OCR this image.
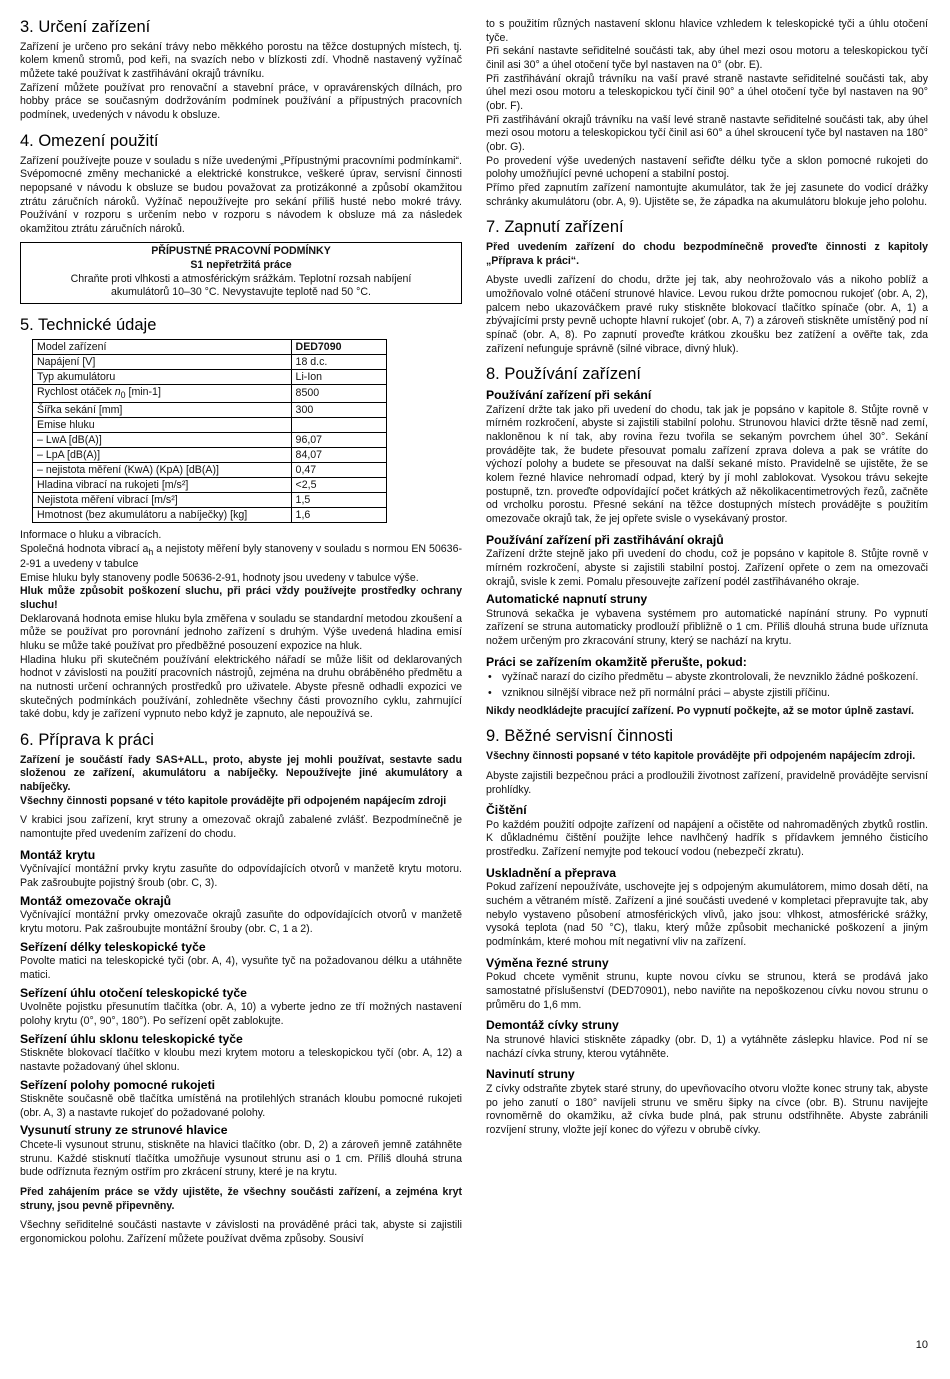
3. Určení zařízení

Zařízení je určeno pro sekání trávy nebo měkkého porostu na těžce dostupných místech, tj. kolem kmenů stromů, pod keři, na svazích nebo v blízkosti zdí. Vhodně nastavený vyžínač můžete také používat k zastřihávání okrajů trávníku.

Zařízení můžete používat pro renovační a stavební práce, v opravárenských dílnách, pro hobby práce se současným dodržováním podmínek používání a přípustných pracovních podmínek, uvedených v návodu k obsluze.

4. Omezení použití

Zařízení používejte pouze v souladu s níže uvedenými „Přípustnými pracovními podmínkami“. Svépomocné změny mechanické a elektrické konstrukce, veškeré úprav, servisní činnosti nepopsané v návodu k obsluze se budou považovat za protizákonné a způsobí okamžitou ztrátu záručních nároků. Vyžínač nepoužívejte pro sekání příliš husté nebo mokré trávy. Používání v rozporu s určením nebo v rozporu s návodem k obsluze má za následek okamžitou ztrátu záručních nároků.

PŘÍPUSTNÉ PRACOVNÍ PODMÍNKY
S1 nepřetržitá práce
Chraňte proti vlhkosti a atmosférickým srážkám. Teplotní rozsah nabíjení
akumulátorů 10–30 °C. Nevystavujte teplotě nad 50 °C.
5. Technické údaje
Model zařízení	DED7090
Napájení [V]	18 d.c.
Typ akumulátoru	Li-Ion
Rychlost otáček $n_0$ [min-1]	8500
Šířka sekání [mm]	300
Emise hluku	
– LwA [dB(A)]	96,07
– LpA [dB(A)]	84,07
– nejistota měření (KwA) (KpA) [dB(A)]	0,47
Hladina vibrací na rukojeti [m/s²]	<2,5
Nejistota měření vibrací [m/s²]	1,5
Hmotnost (bez akumulátoru a nabíječky) [kg]	1,6

Informace o hluku a vibracích.

Společná hodnota vibrací $a_h$ a nejistoty měření byly stanoveny v souladu s normou EN 50636-2-91 a uvedeny v tabulce

Emise hluku byly stanoveny podle 50636-2-91, hodnoty jsou uvedeny v tabulce výše.

Hluk může způsobit poškození sluchu, při práci vždy používejte prostředky ochrany sluchu!

Deklarovaná hodnota emise hluku byla změřena v souladu se standardní metodou zkoušení a může se používat pro porovnání jednoho zařízení s druhým. Výše uvedená hladina emisí hluku se může také používat pro předběžné posouzení expozice na hluk.

Hladina hluku při skutečném používání elektrického nářadí se může lišit od deklarovaných hodnot v závislosti na použití pracovních nástrojů, zejména na druhu obráběného předmětu a na nutnosti určení ochranných prostředků pro uživatele. Abyste přesně odhadli expozici ve skutečných podmínkách používání, zohledněte všechny části provozního cyklu, zahrnující také dobu, kdy je zařízení vypnuto nebo když je zapnuto, ale nepoužívá se.

6. Příprava k práci

Zařízení je součástí řady SAS+ALL, proto, abyste jej mohli používat, sestavte sadu složenou ze zařízení, akumulátoru a nabíječky. Nepoužívejte jiné akumulátory a nabíječky.

Všechny činnosti popsané v této kapitole provádějte při odpojeném napájecím zdroji

V krabici jsou zařízení, kryt struny a omezovač okrajů zabalené zvlášť. Bezpodmínečně je namontujte před uvedením zařízení do chodu.

Montáž krytu

Vyčnívající montážní prvky krytu zasuňte do odpovídajících otvorů v manžetě krytu motoru. Pak zašroubujte pojistný šroub (obr. C, 3).

Montáž omezovače okrajů

Vyčnívající montážní prvky omezovače okrajů zasuňte do odpovídajících otvorů v manžetě krytu motoru. Pak zašroubujte montážní šrouby (obr. C, 1 a 2).

Seřízení délky teleskopické tyče

Povolte matici na teleskopické tyči (obr. A, 4), vysuňte tyč na požadovanou délku a utáhněte matici.

Seřízení úhlu otočení teleskopické tyče

Uvolněte pojistku přesunutím tlačítka (obr. A, 10) a vyberte jedno ze tří možných nastavení polohy krytu (0°, 90°, 180°). Po seřízení opět zablokujte.

Seřízení úhlu sklonu teleskopické tyče

Stiskněte blokovací tlačítko v kloubu mezi krytem motoru a teleskopickou tyčí (obr. A, 12) a nastavte požadovaný úhel sklonu.

Seřízení polohy pomocné rukojeti

Stiskněte současně obě tlačítka umístěná na protilehlých stranách kloubu pomocné rukojeti (obr. A, 3) a nastavte rukojeť do požadované polohy.

Vysunutí struny ze strunové hlavice

Chcete-li vysunout strunu, stiskněte na hlavici tlačítko (obr. D, 2) a zároveň jemně zatáhněte strunu. Každé stisknutí tlačítka umožňuje vysunout strunu asi o 1 cm. Příliš dlouhá struna bude odříznuta řezným ostřím pro zkrácení struny, které je na krytu.

Před zahájením práce se vždy ujistěte, že všechny součásti zařízení, a zejména kryt struny, jsou pevně připevněny.

Všechny seřiditelné součásti nastavte v závislosti na prováděné práci tak, abyste si zajistili ergonomickou polohu. Zařízení můžete používat dvěma způsoby. Sousiví

to s použitím různých nastavení sklonu hlavice vzhledem k teleskopické tyči a úhlu otočení tyče.

Při sekání nastavte seřiditelné součásti tak, aby úhel mezi osou motoru a teleskopickou tyčí činil asi 30° a úhel otočení tyče byl nastaven na 0° (obr. E).

Při zastřihávání okrajů trávníku na vaší pravé straně nastavte seřiditelné součásti tak, aby úhel mezi osou motoru a teleskopickou tyčí činil 90° a úhel otočení tyče byl nastaven na 90° (obr. F).

Při zastřihávání okrajů trávníku na vaší levé straně nastavte seřiditelné součásti tak, aby úhel mezi osou motoru a teleskopickou tyčí činil asi 60° a úhel skroucení tyče byl nastaven na 180° (obr. G).

Po provedení výše uvedených nastavení seřiďte délku tyče a sklon pomocné rukojeti do polohy umožňující pevné uchopení a stabilní postoj.

Přímo před zapnutím zařízení namontujte akumulátor, tak že jej zasunete do vodicí drážky schránky akumulátoru (obr. A, 9). Ujistěte se, že západka na akumulátoru blokuje jeho polohu.

7. Zapnutí zařízení

Před uvedením zařízení do chodu bezpodmínečně proveďte činnosti z kapitoly „Příprava k práci“.

Abyste uvedli zařízení do chodu, držte jej tak, aby neohrožovalo vás a nikoho poblíž a umožňovalo volné otáčení strunové hlavice. Levou rukou držte pomocnou rukojeť (obr. A, 2), palcem nebo ukazováčkem pravé ruky stiskněte blokovací tlačítko spínače (obr. A, 1) a zbývajícími prsty pevně uchopte hlavní rukojeť (obr. A, 7) a zároveň stiskněte umístěný pod ní spínač (obr. A, 8). Po zapnutí proveďte krátkou zkoušku bez zatížení a ověřte tak, zda zařízení nefunguje správně (silné vibrace, divný hluk).

8. Používání zařízení
Používání zařízení při sekání

Zařízení držte tak jako při uvedení do chodu, tak jak je popsáno v kapitole 8. Stůjte rovně v mírném rozkročení, abyste si zajistili stabilní polohu. Strunovou hlavici držte těsně nad zemí, nakloněnou k ní tak, aby rovina řezu tvořila se sekaným povrchem úhel 30°. Sekání provádějte tak, že budete přesouvat pomalu zařízení zprava doleva a pak se vrátíte do výchozí polohy a budete se přesouvat na další sekané místo. Pravidelně se ujistěte, že se kolem řezné hlavice nehromadí odpad, který by jí mohl zablokovat. Vysokou trávu sekejte postupně, tzn. proveďte odpovídající počet krátkých až několikacentimetrových řezů, začněte od vrcholku porostu. Přesné sekání na těžce dostupných místech provádějte s použitím omezovače okrajů tak, že jej opřete svisle o vysekávaný prostor.

Používání zařízení při zastřihávání okrajů

Zařízení držte stejně jako při uvedení do chodu, což je popsáno v kapitole 8. Stůjte rovně v mírném rozkročení, abyste si zajistili stabilní postoj. Zařízení opřete o zem na omezovači okrajů, svisle k zemi. Pomalu přesouvejte zařízení podél zastřihávaného okraje.

Automatické napnutí struny

Strunová sekačka je vybavena systémem pro automatické napínání struny. Po vypnutí zařízení se struna automaticky prodlouží přibližně o 1 cm. Příliš dlouhá struna bude uříznuta nožem určeným pro zkracování struny, který se nachází na krytu.

Práci se zařízením okamžitě přerušte, pokud:
• vyžínač narazí do cizího předmětu – abyste zkontrolovali, že nevzniklo žádné poškození.
• vzniknou silnější vibrace než při normální práci – abyste zjistili příčinu.

Nikdy neodkládejte pracující zařízení. Po vypnutí počkejte, až se motor úplně zastaví.

9. Běžné servisní činnosti

Všechny činnosti popsané v této kapitole provádějte při odpojeném napájecím zdroji.

Abyste zajistili bezpečnou práci a prodloužili životnost zařízení, pravidelně provádějte servisní prohlídky.

Čištění

Po každém použití odpojte zařízení od napájení a očistěte od nahromaděných zbytků rostlin. K důkladnému čištění použijte lehce navlhčený hadřík s přídavkem jemného čisticího prostředku. Zařízení nemyjte pod tekoucí vodou (nebezpečí zkratu).

Uskladnění a přeprava

Pokud zařízení nepoužíváte, uschovejte jej s odpojeným akumulátorem, mimo dosah dětí, na suchém a větraném místě. Zařízení a jiné součásti uvedené v kompletaci přepravujte tak, aby nebylo vystaveno působení atmosférických vlivů, jako jsou: vlhkost, atmosférické srážky, vysoká teplota (nad 50 °C), tlaku, který může způsobit mechanické poškození a jiným podmínkám, které mohou mít negativní vliv na zařízení.

Výměna řezné struny

Pokud chcete vyměnit strunu, kupte novou cívku se strunou, která se prodává jako samostatné příslušenství (DED70901), nebo naviňte na nepoškozenou cívku novou strunu o průměru do 1,6 mm.

Demontáž cívky struny

Na strunové hlavici stiskněte západky (obr. D, 1) a vytáhněte záslepku hlavice. Pod ní se nachází cívka struny, kterou vytáhněte.

Navinutí struny

Z cívky odstraňte zbytek staré struny, do upevňovacího otvoru vložte konec struny tak, abyste po jeho zanutí o 180° navíjeli strunu ve směru šipky na cívce (obr. B). Strunu navijejte rovnoměrně do okamžiku, až cívka bude plná, pak strunu odstřihněte. Abyste zabránili rozvíjení struny, vložte její konec do výřezu v obrubě cívky.

10
